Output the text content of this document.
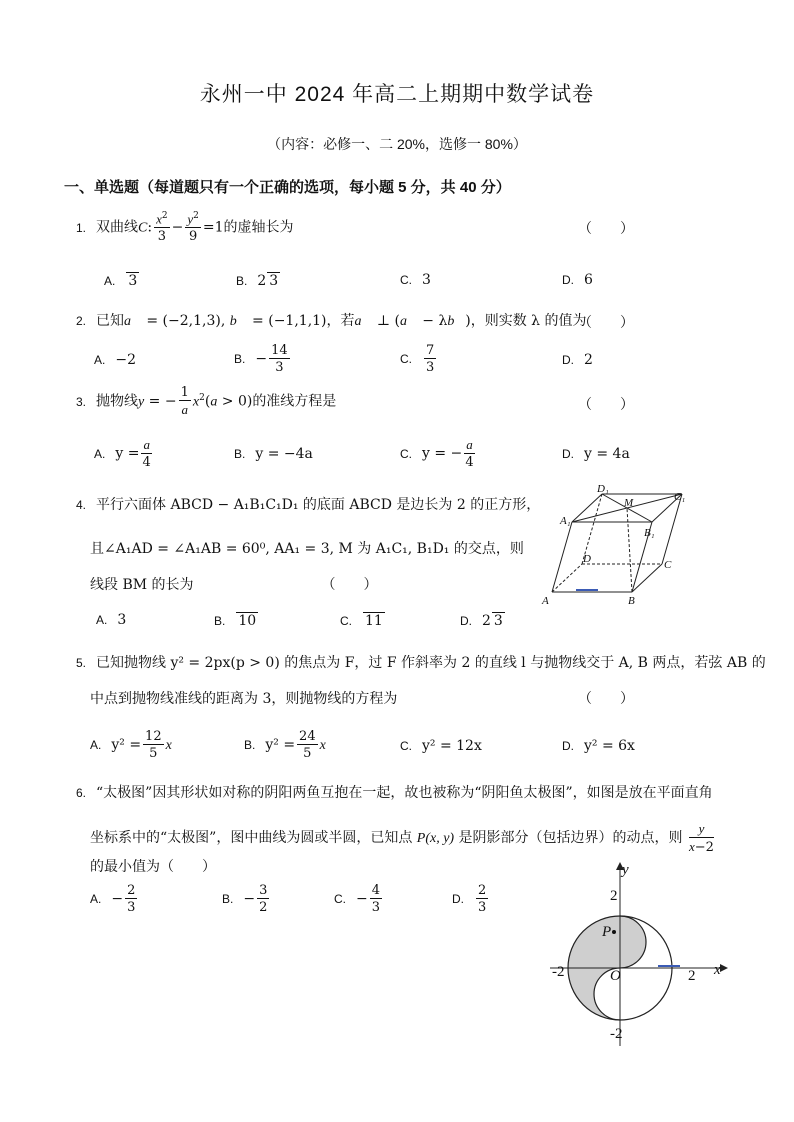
永州一中 2024 年高二上期期中数学试卷
（内容：必修一、二 20%，选修一 80%）
一、单选题（每道题只有一个正确的选项，每小题 5 分，共 40 分）
1. 双曲线C: $\frac{x^2}{3} - \frac{y^2}{9} =1$的虚轴长为	（　　）
A. 3	B. 2 3	C. 3	D. 6
2. 已知a⃗ = (−2,1,3), b⃗ = (−1,1,1)，若a⃗ ⊥ (a⃗ − λb⃗)，则实数 λ 的值为
（　　）
A. −2	B. − $\frac{14}{3}$	C. $\frac{7}{3}$	D. 2
3. 抛物线y = − $\frac{1}{a} x^2(a > 0)$的准线方程是	（　　）
A. $y = \frac{a}{4}$	B. y = −4a	C. y = − $\frac{a}{4}$	D. y = 4a
4. 平行六面体 ABCD − A₁B₁C₁D₁ 的底面 ABCD 是边长为 2 的正方形，
且∠A₁AD = ∠A₁AB = 60⁰, AA₁ = 3, M 为 A₁C₁, B₁D₁ 的交点，则
线段 BM 的长为	（　　）
A. 3	B. 10	C. 11	D. 2 3
D₁
C₁
M
A₁
B₁
D	C
A	B
5. 已知抛物线 y² = 2px(p > 0) 的焦点为 F，过 F 作斜率为 2 的直线 l 与抛物线交于 A, B 两点，若弦 AB 的
中点到抛物线准线的距离为 3，则抛物线的方程为	（　　）
A. $y^2 = \frac{12}{5}$ x	B. $y^2 = \frac{24}{5}$ x	C. y² = 12x	D. y² = 6x
6. “太极图”因其形状如对称的阴阳两鱼互抱在一起，故也被称为“阴阳鱼太极图”，如图是放在平面直角
坐标系中的“太极图”，图中曲线为圆或半圆，已知点 P(x, y) 是阴影部分（包括边界）的动点，则 $\frac{y}{x-2}$
的最小值为（　　）
A. − $\frac{2}{3}$	B. − $\frac{3}{2}$	C. − $\frac{4}{3}$	D. $\frac{2}{3}$
y
x
O
2
-2
-2	2
P
